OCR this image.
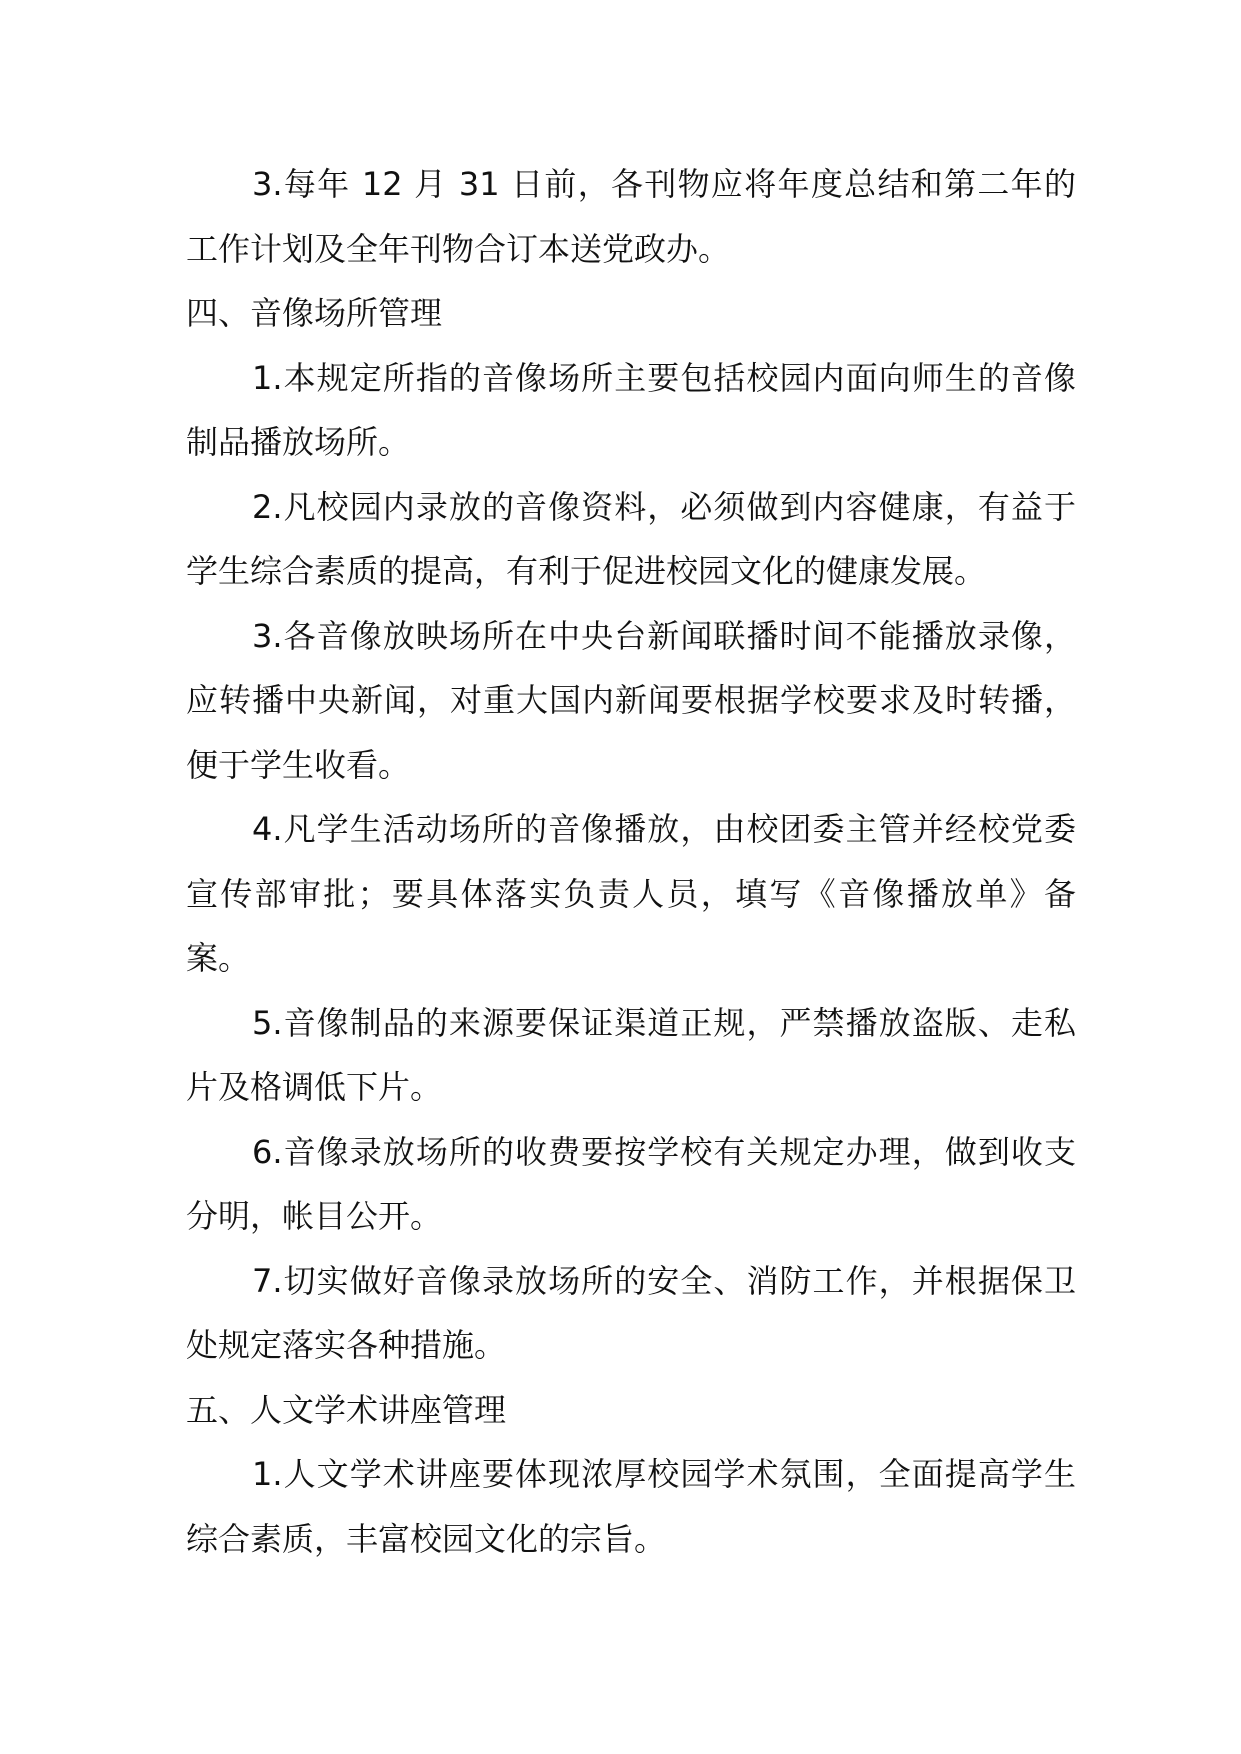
3.每年 12 月 31 日前，各刊物应将年度总结和第二年的工作计划及全年刊物合订本送党政办。

四、音像场所管理

1.本规定所指的音像场所主要包括校园内面向师生的音像制品播放场所。

2.凡校园内录放的音像资料，必须做到内容健康，有益于学生综合素质的提高，有利于促进校园文化的健康发展。

3.各音像放映场所在中央台新闻联播时间不能播放录像，应转播中央新闻，对重大国内新闻要根据学校要求及时转播，便于学生收看。

4.凡学生活动场所的音像播放，由校团委主管并经校党委宣传部审批；要具体落实负责人员，填写《音像播放单》备案。

5.音像制品的来源要保证渠道正规，严禁播放盗版、走私片及格调低下片。

6.音像录放场所的收费要按学校有关规定办理，做到收支分明，帐目公开。

7.切实做好音像录放场所的安全、消防工作，并根据保卫处规定落实各种措施。

五、人文学术讲座管理

1.人文学术讲座要体现浓厚校园学术氛围，全面提高学生综合素质，丰富校园文化的宗旨。
